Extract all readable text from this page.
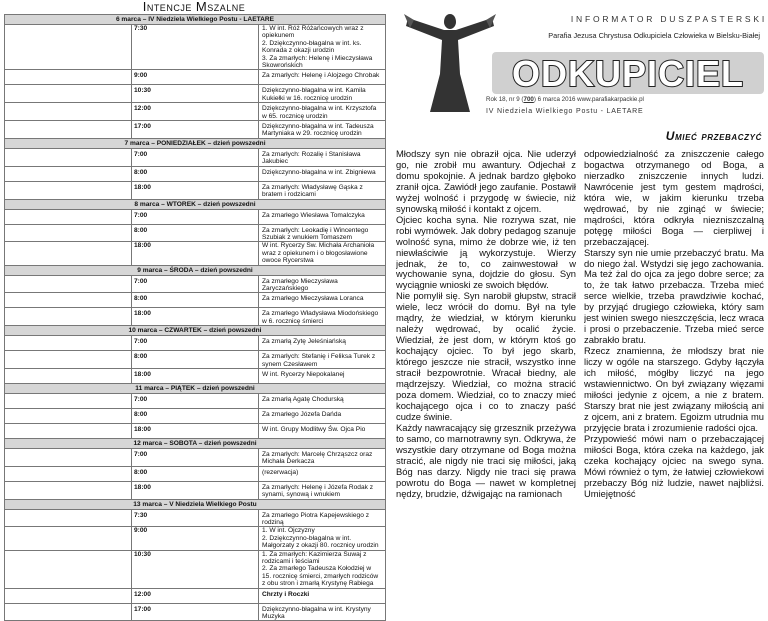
Intencje Mszalne
6 marca – IV Niedziela Wielkiego Postu - LAETARE		
	7:30	1. W int. Róż Różańcowych wraz z opiekunem
2. Dziękczynno-błagalna w int. ks. Konrada z okazji urodzin
3. Za zmarłych: Helenę i Mieczysława Skowrońskich
	9:00	Za zmarłych: Helenę i Alojzego Chrobak
	10:30	Dziękczynno-błagalna w int. Kamila Kukiełki w 16. rocznicę urodzin
	12:00	Dziękczynno-błagalna w int. Krzysztofa w 65. rocznicę urodzin
	17:00	Dziękczynno-błagalna w int. Tadeusza Martyniaka w 29. rocznicę urodzin
7 marca – PONIEDZIAŁEK – dzień powszedni		
	7:00	Za zmarłych: Rozalię i Stanisława Jakubiec
	8:00	Dziękczynno-błagalna w int. Zbigniewa
	18:00	Za zmarłych: Władysławę Gąska z bratem i rodzicami
8 marca – WTOREK – dzień powszedni		
	7:00	Za zmarłego Wiesława Tomalczyka
	8:00	Za zmarłych: Leokadię i Wincentego Szubiak z wnukiem Tomaszem
	18:00	W int. Rycerzy Św. Michała Archanioła wraz z opiekunem i o błogosławione owoce Rycerstwa
9 marca – ŚRODA – dzień powszedni		
	7:00	Za zmarłego Mieczysława Zaryczańskiego
	8:00	Za zmarłego Mieczysława Loranca
	18:00	Za zmarłego Władysława Miodońskiego w 6. rocznicę śmierci
10 marca – CZWARTEK – dzień powszedni		
	7:00	Za zmarłą Zytę Jeleśniańską
	8:00	Za zmarłych: Stefanię i Feliksa Turek z synem Czesławem
	18:00	W int. Rycerzy Niepokalanej
11 marca – PIĄTEK – dzień powszedni		
	7:00	Za zmarłą Agatę Chodurską
	8:00	Za zmarłego Józefa Dańda
	18:00	W int. Grupy Modlitwy Św. Ojca Pio
12 marca – SOBOTA – dzień powszedni		
	7:00	Za zmarłych: Marcelę Chrząszcz oraz Michała Derkacza
	8:00	(rezerwacja)
	18:00	Za zmarłych: Helenę i Józefa Rodak z synami, synową i wnukiem
13 marca – V Niedziela Wielkiego Postu		
	7:30	Za zmarłego Piotra Kapejewskiego z rodziną
	9:00	1. W int. Ojczyzny
2. Dziękczynno-błagalna w int. Małgorzaty z okazji 80. rocznicy urodzin
	10:30	1. Za zmarłych: Kazimierza Suwaj z rodzicami i teściami
2. Za zmarłego Tadeusza Kołodziej w 15. rocznicę śmierci, zmarłych rodziców z obu stron i zmarłą Krystynę Rabiega
	12:00	Chrzty i Roczki
	17:00	Dziękczynno-błagalna w int. Krystyny Muzyka
INFORMATOR DUSZPASTERSKI
Parafia Jezusa Chrystusa Odkupiciela Człowieka w Bielsku-Białej
ODKUPICIEL
Rok 18, nr 9 (700) 6 marca 2016 www.parafiakarpackie.pl
IV Niedziela Wielkiego Postu - LAETARE
Umieć przebaczyć

Młodszy syn nie obraził ojca. Nie uderzył go, nie zrobił mu awantury. Odjechał z domu spokojnie. A jednak bardzo głęboko zranił ojca. Zawiódł jego zaufanie. Postawił wyżej wolność i przygodę w świecie, niż synowską miłość i kontakt z ojcem.

Ojciec kocha syna. Nie rozrywa szat, nie robi wymówek. Jak dobry pedagog szanuje wolność syna, mimo że dobrze wie, iż ten niewłaściwie ją wykorzystuje. Wierzy jednak, że to, co zainwestował w wychowanie syna, dojdzie do głosu. Syn wyciągnie wnioski ze swoich błędów.

Nie pomylił się. Syn narobił głupstw, stracił wiele, lecz wrócił do domu. Był na tyle mądry, że wiedział, w którym kierunku należy wędrować, by ocalić życie. Wiedział, że jest dom, w którym ktoś go kochający ojciec. To był jego skarb, którego jeszcze nie stracił, wszystko inne stracił bezpowrotnie. Wracał biedny, ale mądrzejszy. Wiedział, co można stracić poza domem. Wiedział, co to znaczy mieć kochającego ojca i co to znaczy paść cudze świnie.

Każdy nawracający się grzesznik przeżywa to samo, co marnotrawny syn. Odkrywa, że wszystkie dary otrzymane od Boga można stracić, ale nigdy nie traci się miłości, jaką Bóg nas darzy. Nigdy nie traci się prawa powrotu do Boga — nawet w kompletnej nędzy, brudzie, dźwigając na ramionach

odpowiedzialność za zniszczenie całego bogactwa otrzymanego od Boga, a nierzadko zniszczenie innych ludzi. Nawrócenie jest tym gestem mądrości, która wie, w jakim kierunku trzeba wędrować, by nie zginąć w świecie; mądrości, która odkryła niezniszczalną potęgę miłości Boga — cierpliwej i przebaczającej.

Starszy syn nie umie przebaczyć bratu. Ma do niego żal. Wstydzi się jego zachowania. Ma też żal do ojca za jego dobre serce; za to, że tak łatwo przebacza. Trzeba mieć serce wielkie, trzeba prawdziwie kochać, by przyjąć drugiego człowieka, który sam jest winien swego nieszczęścia, lecz wraca i prosi o przebaczenie. Trzeba mieć serce zabrakło bratu.

Rzecz znamienna, że młodszy brat nie liczy w ogóle na starszego. Gdyby łączyła ich miłość, mógłby liczyć na jego wstawiennictwo. On był związany więzami miłości jedynie z ojcem, a nie z bratem. Starszy brat nie jest związany miłością ani z ojcem, ani z bratem. Egoizm utrudnia mu przyjęcie brata i zrozumienie radości ojca.

Przypowieść mówi nam o przebaczającej miłości Boga, która czeka na każdego, jak czeka kochający ojciec na swego syna. Mówi również o tym, że łatwiej człowiekowi przebaczy Bóg niż ludzie, nawet najbliżsi. Umiejętność
